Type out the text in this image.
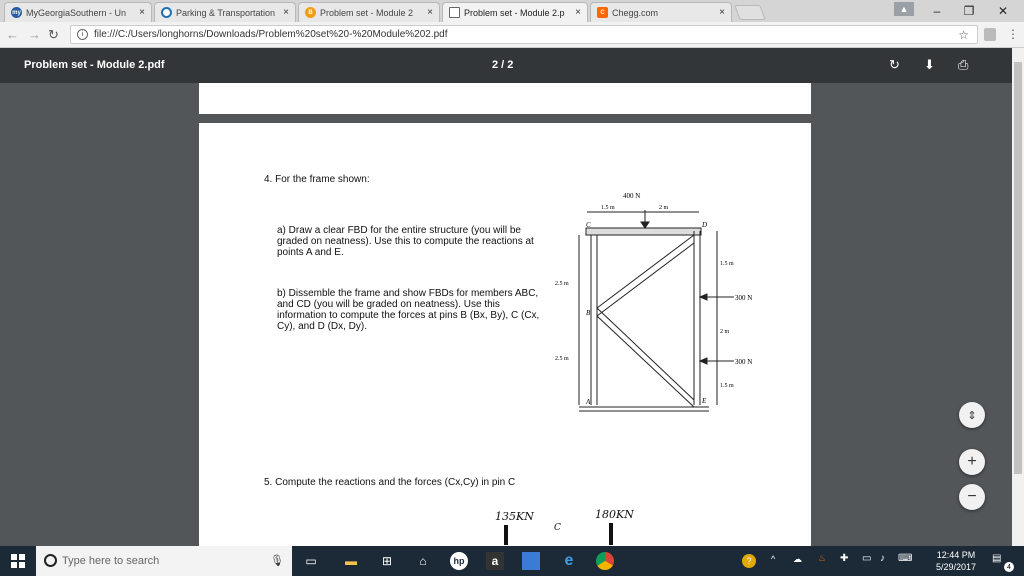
my MyGeorgiaSouthern - Un	×	Parking & Transportation ×	B Problem set - Module 2	×	Problem set - Module 2.p	×	C Chegg.com	×	▲	–	❐	✕
← → ↻	i	file:///C:/Users/longhorns/Downloads/Problem%20set%20-%20Module%202.pdf	☆	⋮
Problem set - Module 2.pdf	2 / 2	↻ ⬇ ⎙
4. For the frame shown:
a) Draw a clear FBD for the entire structure (you will be graded on neatness). Use this to compute the reactions at points A and E.
b) Dissemble the frame and show FBDs for members ABC, and CD (you will be graded on neatness). Use this information to compute the forces at pins B (Bx, By), C (Cx, Cy), and D (Dx, Dy).
400 N
1.5 m	2 m
2.5 m
2.5 m
1.5 m
2 m
1.5 m
300 N
300 N
A
B
C	D
E
5. Compute the reactions and the forces (Cx,Cy) in pin C
135KN	180KN
C
⇕
+
−
Type here to search	🎙 ▭ ▬	⊞	⌂	hp	a	e	?	^ ☁ ♨ ✚ ▭ ♪ ⌨	12:44 PM
5/29/2017
▤
4
